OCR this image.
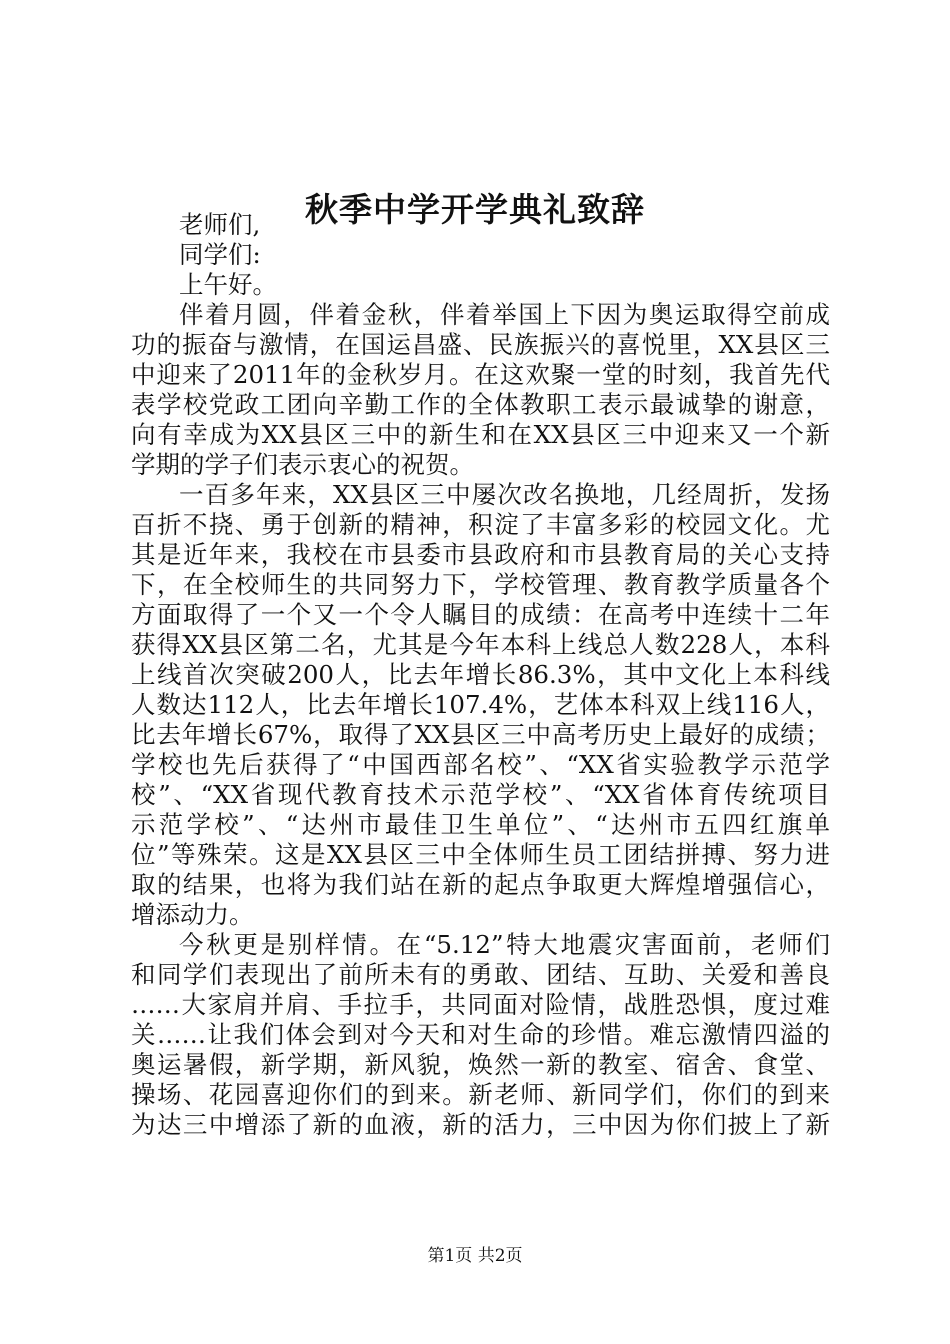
秋季中学开学典礼致辞
老师们,
同学们:
上午好。
伴着月圆，伴着金秋，伴着举国上下因为奥运取得空前成
功的振奋与激情，在国运昌盛、民族振兴的喜悦里，XX县区三
中迎来了2011年的金秋岁月。在这欢聚一堂的时刻，我首先代
表学校党政工团向辛勤工作的全体教职工表示最诚挚的谢意，
向有幸成为XX县区三中的新生和在XX县区三中迎来又一个新
学期的学子们表示衷心的祝贺。
一百多年来，XX县区三中屡次改名换地，几经周折，发扬
百折不挠、勇于创新的精神，积淀了丰富多彩的校园文化。尤
其是近年来，我校在市县委市县政府和市县教育局的关心支持
下，在全校师生的共同努力下，学校管理、教育教学质量各个
方面取得了一个又一个令人瞩目的成绩：在高考中连续十二年
获得XX县区第二名，尤其是今年本科上线总人数228人，本科
上线首次突破200人，比去年增长86.3%，其中文化上本科线
人数达112人，比去年增长107.4%，艺体本科双上线116人，
比去年增长67%，取得了XX县区三中高考历史上最好的成绩；
学校也先后获得了“中国西部名校”、“XX省实验教学示范学
校”、“XX省现代教育技术示范学校”、“XX省体育传统项目
示范学校”、“达州市最佳卫生单位”、“达州市五四红旗单
位”等殊荣。这是XX县区三中全体师生员工团结拼搏、努力进
取的结果，也将为我们站在新的起点争取更大辉煌增强信心，
增添动力。
今秋更是别样情。在“5.12”特大地震灾害面前，老师们
和同学们表现出了前所未有的勇敢、团结、互助、关爱和善良
……大家肩并肩、手拉手，共同面对险情，战胜恐惧，度过难
关……让我们体会到对今天和对生命的珍惜。难忘激情四溢的
奥运暑假，新学期，新风貌，焕然一新的教室、宿舍、食堂、
操场、花园喜迎你们的到来。新老师、新同学们，你们的到来
为达三中增添了新的血液，新的活力，三中因为你们披上了新
第1页 共2页
